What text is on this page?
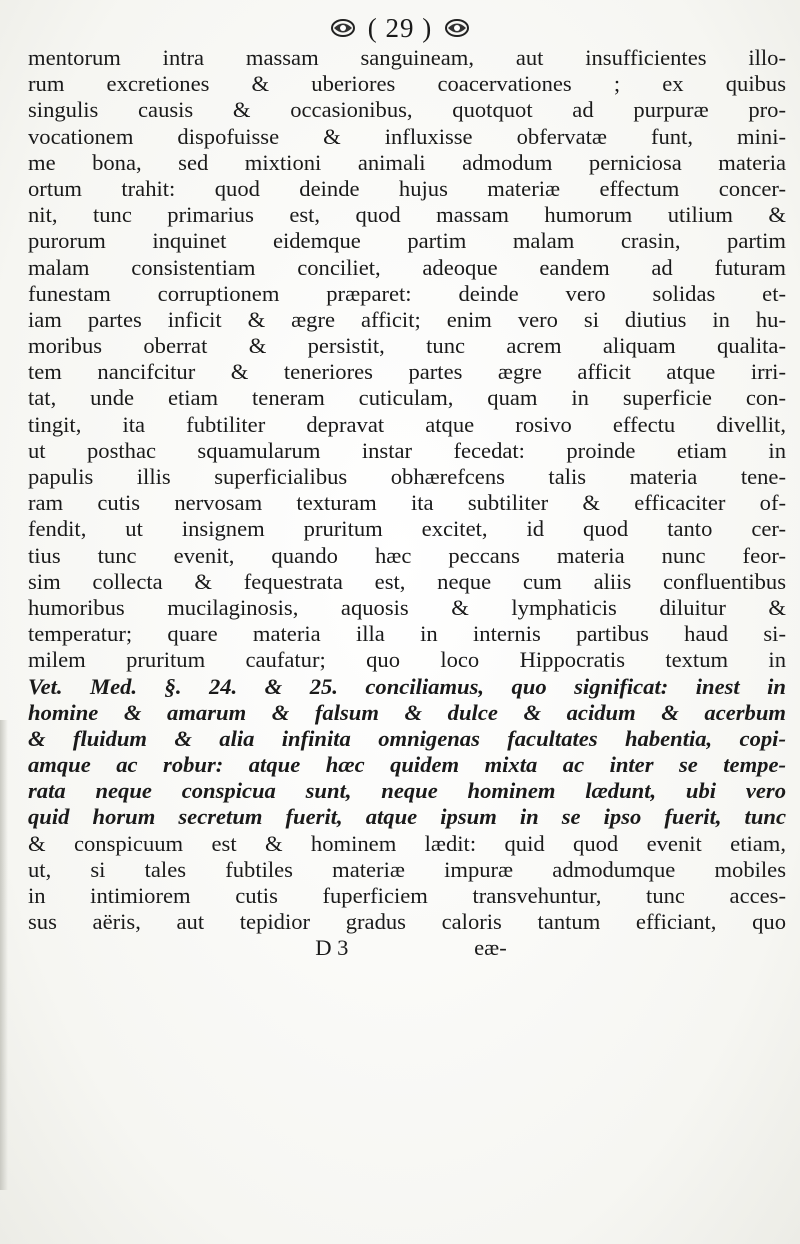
( 29 )
mentorum intra massam sanguineam, aut insufficientes illo-
rum excretiones & uberiores coacervationes ; ex quibus
singulis causis & occasionibus, quotquot ad purpuræ pro-
vocationem dispofuisse & influxisse obfervatæ funt, mini-
me bona, sed mixtioni animali admodum perniciosa materia
ortum trahit: quod deinde hujus materiæ effectum concer-
nit, tunc primarius est, quod massam humorum utilium &
purorum inquinet eidemque partim malam crasin, partim
malam consistentiam conciliet, adeoque eandem ad futuram
funestam corruptionem præparet: deinde vero solidas et-
iam partes inficit & ægre afficit; enim vero si diutius in hu-
moribus oberrat & persistit, tunc acrem aliquam qualita-
tem nancifcitur & teneriores partes ægre afficit atque irri-
tat, unde etiam teneram cuticulam, quam in superficie con-
tingit, ita fubtiliter depravat atque rosivo effectu divellit,
ut posthac squamularum instar fecedat: proinde etiam in
papulis illis superficialibus obhærefcens talis materia tene-
ram cutis nervosam texturam ita subtiliter & efficaciter of-
fendit, ut insignem pruritum excitet, id quod tanto cer-
tius tunc evenit, quando hæc peccans materia nunc feor-
sim collecta & fequestrata est, neque cum aliis confluentibus
humoribus mucilaginosis, aquosis & lymphaticis diluitur &
temperatur; quare materia illa in internis partibus haud si-
milem pruritum caufatur; quo loco Hippocratis textum in
Vet. Med. §. 24. & 25. conciliamus, quo significat: inest in
homine & amarum & falsum & dulce & acidum & acerbum
& fluidum & alia infinita omnigenas facultates habentia, copi-
amque ac robur: atque hæc quidem mixta ac inter se tempe-
rata neque conspicua sunt, neque hominem lædunt, ubi vero
quid horum secretum fuerit, atque ipsum in se ipso fuerit, tunc
& conspicuum est & hominem lædit: quid quod evenit etiam,
ut, si tales fubtiles materiæ impuræ admodumque mobiles
in intimiorem cutis fuperficiem transvehuntur, tunc acces-
sus aëris, aut tepidior gradus caloris tantum efficiant, quo
D 3	eæ-
